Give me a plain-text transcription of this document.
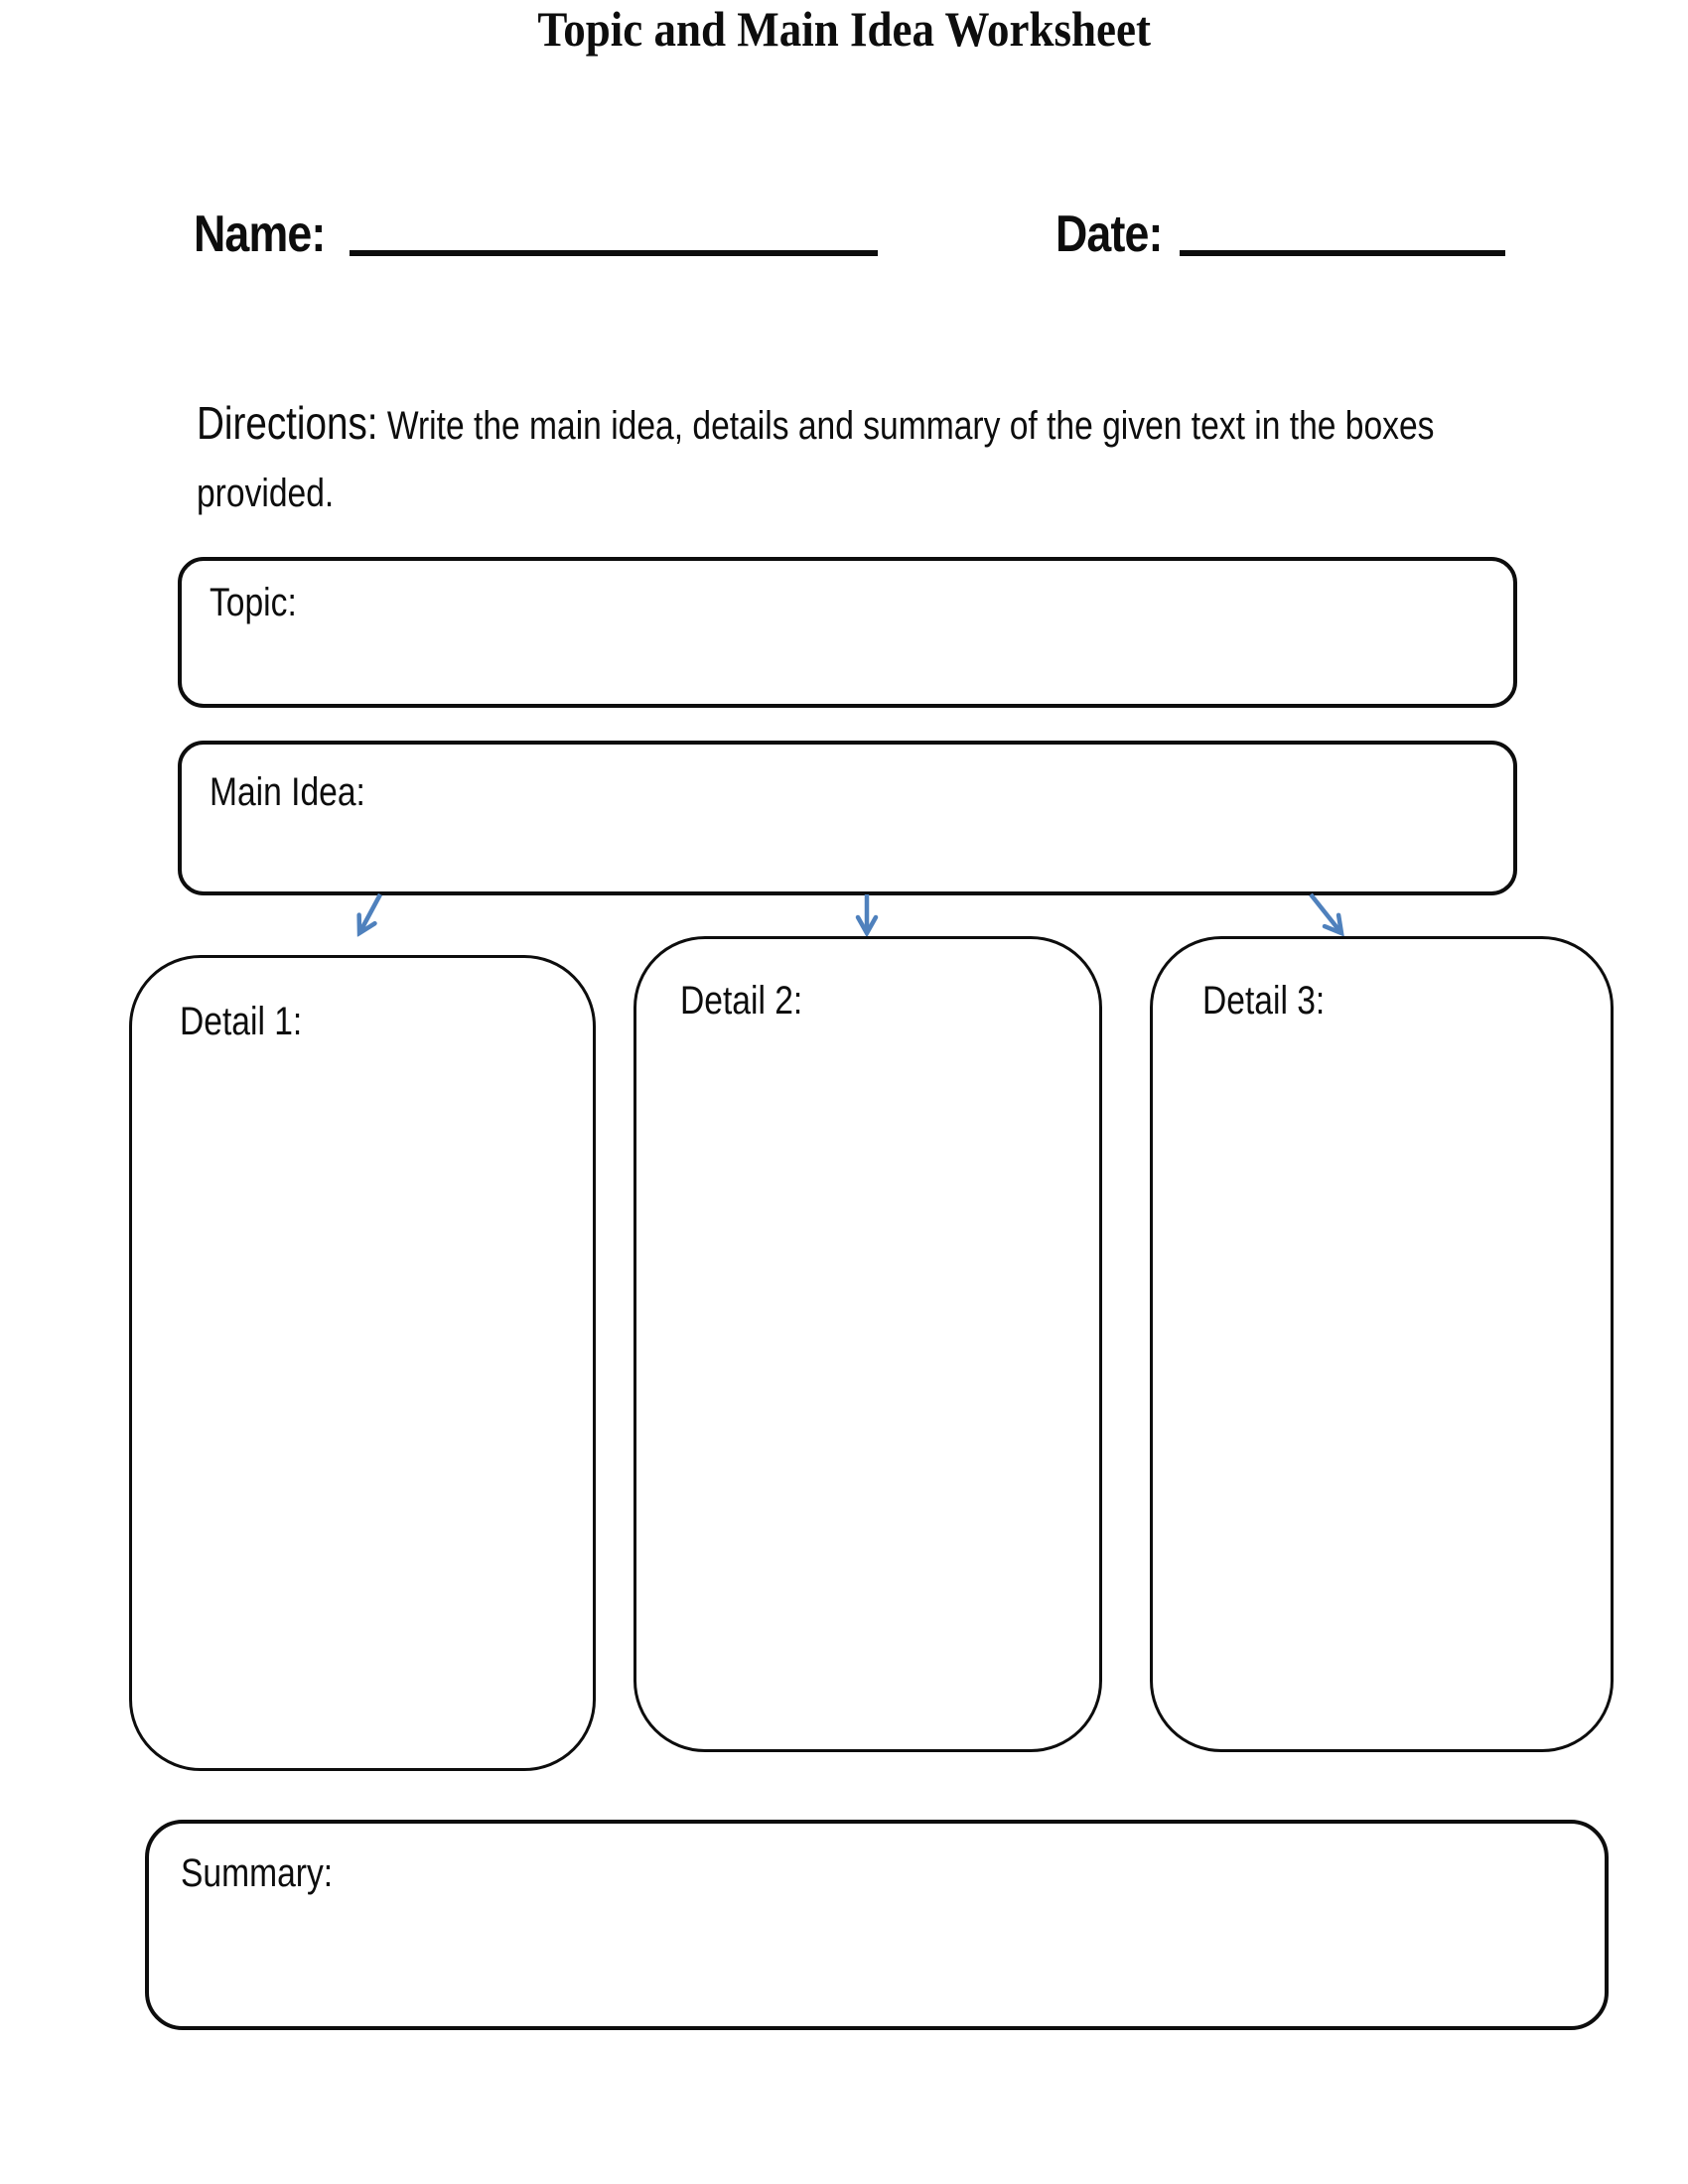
Name:	Date:
Topic and Main Idea Worksheet
Directions: Write the main idea, details and summary of the given text in the boxes provided.
Topic:
Main Idea:
Detail 1:	Detail 2:	Detail 3:
Summary:
